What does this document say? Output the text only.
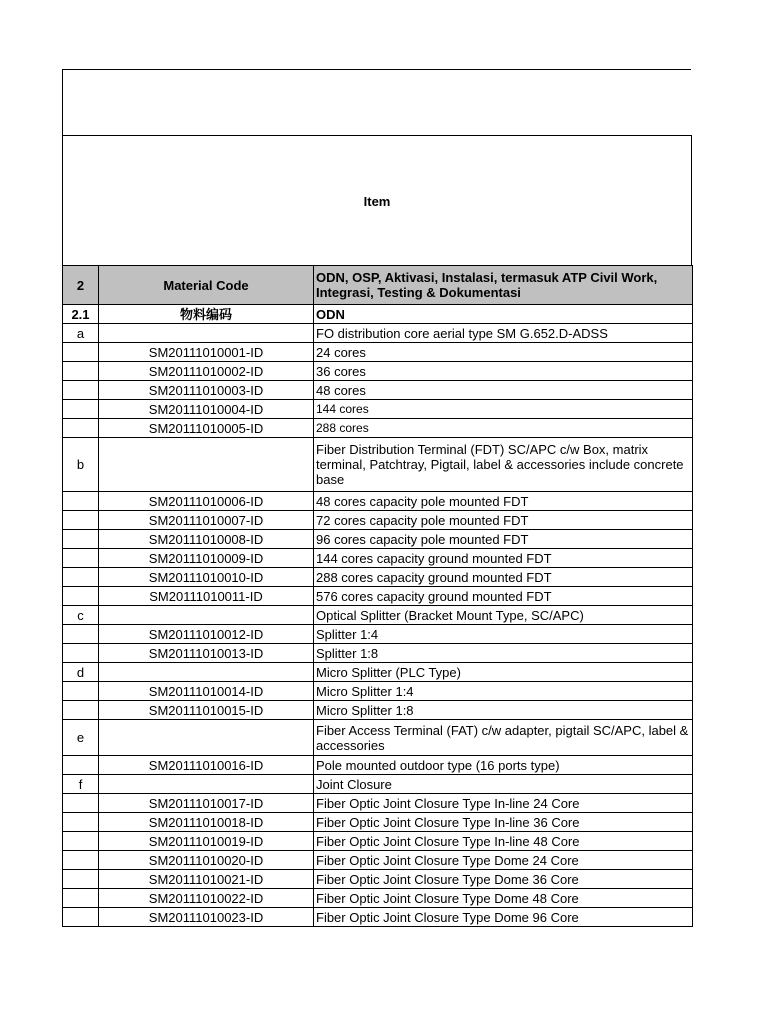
Item
2	Material Code	ODN, OSP, Aktivasi, Instalasi, termasuk ATP Civil Work, Integrasi, Testing & Dokumentasi
2.1	物料编码	ODN
a		FO distribution core aerial type SM G.652.D-ADSS
	SM20111010001-ID	24 cores
	SM20111010002-ID	36 cores
	SM20111010003-ID	48 cores
	SM20111010004-ID	144 cores
	SM20111010005-ID	288 cores
b		Fiber Distribution Terminal (FDT) SC/APC c/w Box, matrix terminal, Patchtray, Pigtail, label & accessories include concrete base
	SM20111010006-ID	48 cores capacity pole mounted FDT
	SM20111010007-ID	72 cores capacity pole mounted FDT
	SM20111010008-ID	96 cores capacity pole mounted FDT
	SM20111010009-ID	144 cores capacity ground mounted FDT
	SM20111010010-ID	288 cores capacity ground mounted FDT
	SM20111010011-ID	576 cores capacity ground mounted FDT
c		Optical Splitter (Bracket Mount Type, SC/APC)
	SM20111010012-ID	Splitter 1:4
	SM20111010013-ID	Splitter 1:8
d		Micro Splitter (PLC Type)
	SM20111010014-ID	Micro Splitter 1:4
	SM20111010015-ID	Micro Splitter 1:8
e		Fiber Access Terminal (FAT) c/w adapter, pigtail SC/APC, label & accessories
	SM20111010016-ID	Pole mounted outdoor type (16 ports type)
f		Joint Closure
	SM20111010017-ID	Fiber Optic Joint Closure Type In-line 24 Core
	SM20111010018-ID	Fiber Optic Joint Closure Type In-line 36 Core
	SM20111010019-ID	Fiber Optic Joint Closure Type In-line 48 Core
	SM20111010020-ID	Fiber Optic Joint Closure Type Dome 24 Core
	SM20111010021-ID	Fiber Optic Joint Closure Type Dome 36 Core
	SM20111010022-ID	Fiber Optic Joint Closure Type Dome 48 Core
	SM20111010023-ID	Fiber Optic Joint Closure Type Dome 96 Core
